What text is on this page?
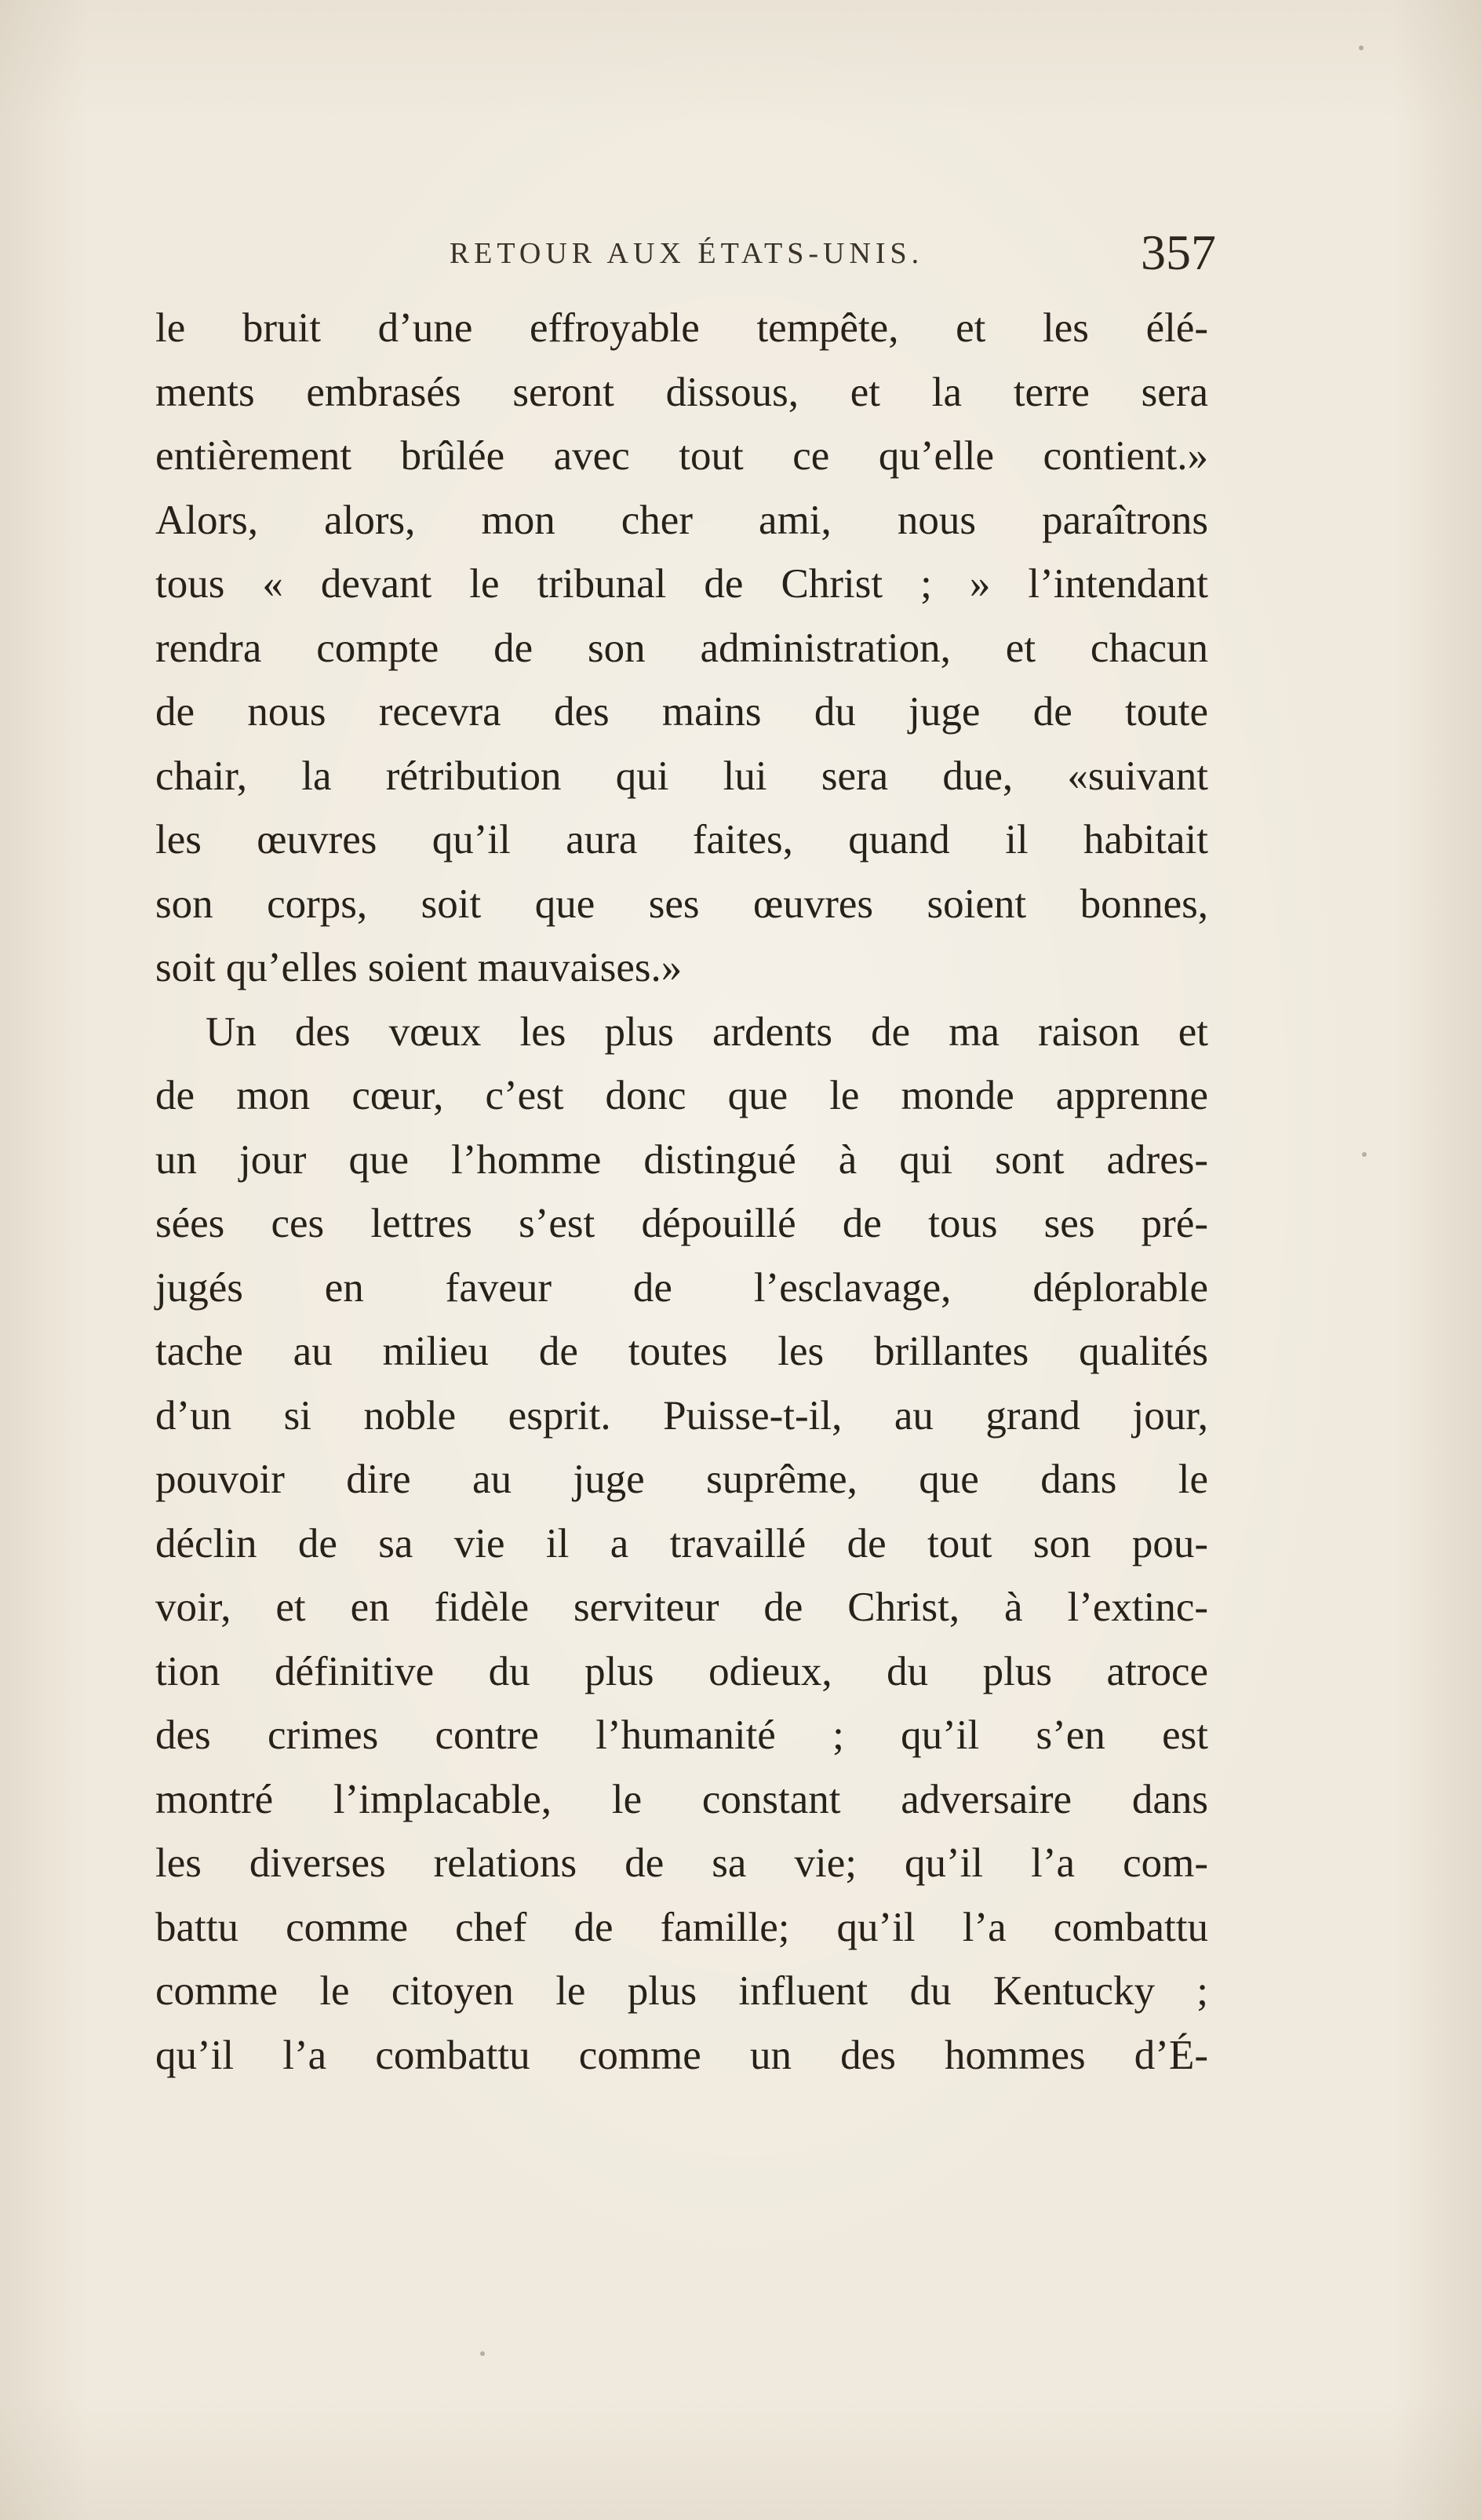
RETOUR AUX ÉTATS-UNIS.	357
le bruit d’une effroyable tempête, et les élé-
ments embrasés seront dissous, et la terre sera
entièrement brûlée avec tout ce qu’elle contient.»
Alors, alors, mon cher ami, nous paraîtrons
tous « devant le tribunal de Christ ; » l’intendant
rendra compte de son administration, et chacun
de nous recevra des mains du juge de toute
chair, la rétribution qui lui sera due, «suivant
les œuvres qu’il aura faites, quand il habitait
son corps, soit que ses œuvres soient bonnes,
soit qu’elles soient mauvaises.»
Un des vœux les plus ardents de ma raison et
de mon cœur, c’est donc que le monde apprenne
un jour que l’homme distingué à qui sont adres-
sées ces lettres s’est dépouillé de tous ses pré-
jugés en faveur de l’esclavage, déplorable
tache au milieu de toutes les brillantes qualités
d’un si noble esprit. Puisse-t-il, au grand jour,
pouvoir dire au juge suprême, que dans le
déclin de sa vie il a travaillé de tout son pou-
voir, et en fidèle serviteur de Christ, à l’extinc-
tion définitive du plus odieux, du plus atroce
des crimes contre l’humanité ; qu’il s’en est
montré l’implacable, le constant adversaire dans
les diverses relations de sa vie; qu’il l’a com-
battu comme chef de famille; qu’il l’a combattu
comme le citoyen le plus influent du Kentucky ;
qu’il l’a combattu comme un des hommes d’É-
